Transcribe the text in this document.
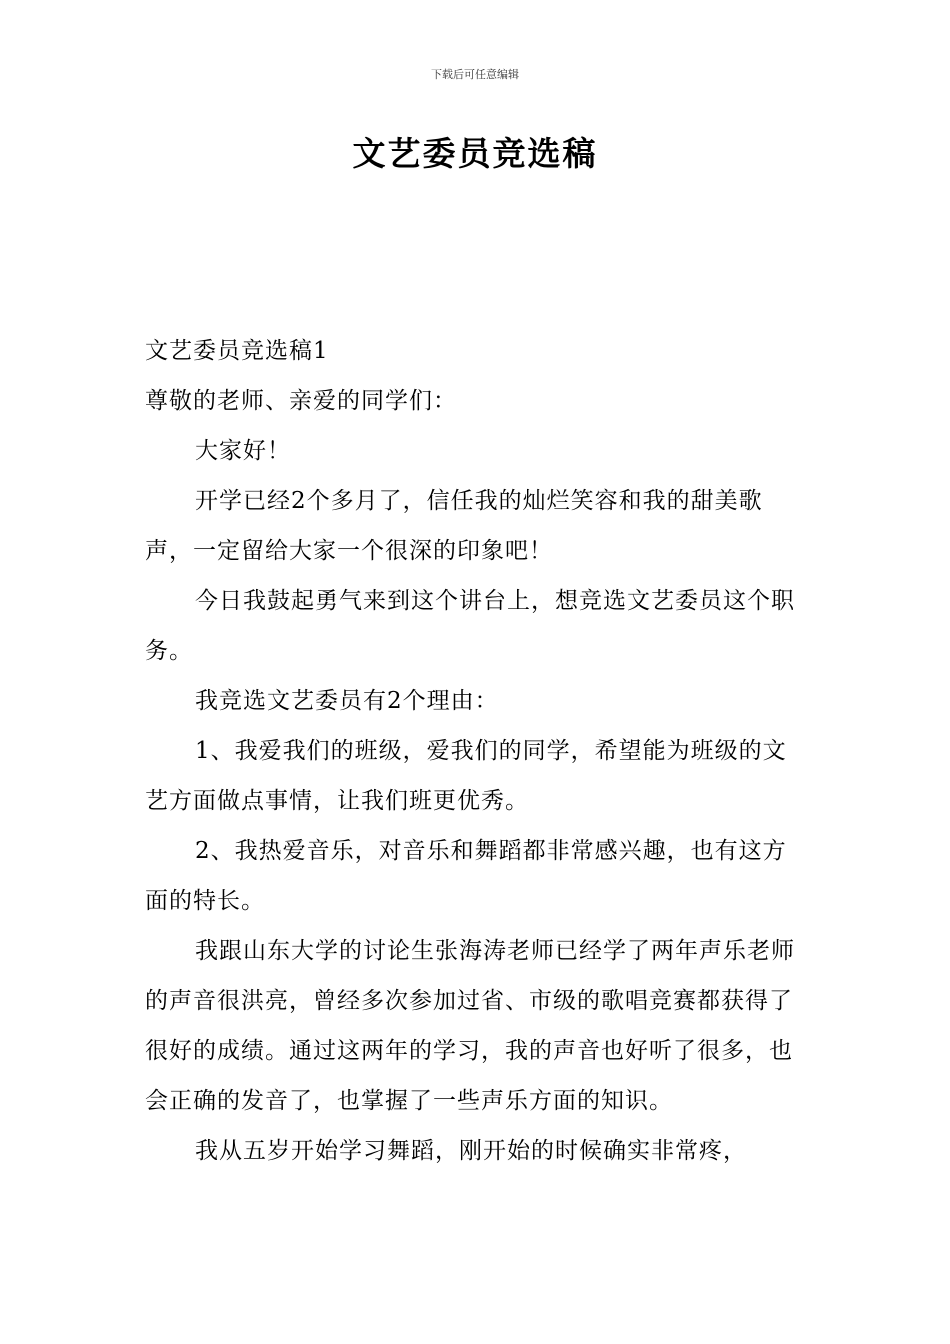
下载后可任意编辑
文艺委员竞选稿

文艺委员竞选稿1

尊敬的老师、亲爱的同学们：

大家好！

开学已经2个多月了，信任我的灿烂笑容和我的甜美歌声，一定留给大家一个很深的印象吧！

今日我鼓起勇气来到这个讲台上，想竞选文艺委员这个职务。

我竞选文艺委员有2个理由：

1、我爱我们的班级，爱我们的同学，希望能为班级的文艺方面做点事情，让我们班更优秀。

2、我热爱音乐，对音乐和舞蹈都非常感兴趣，也有这方面的特长。

我跟山东大学的讨论生张海涛老师已经学了两年声乐老师的声音很洪亮，曾经多次参加过省、市级的歌唱竞赛都获得了很好的成绩。通过这两年的学习，我的声音也好听了很多，也会正确的发音了，也掌握了一些声乐方面的知识。

我从五岁开始学习舞蹈，刚开始的时候确实非常疼，
